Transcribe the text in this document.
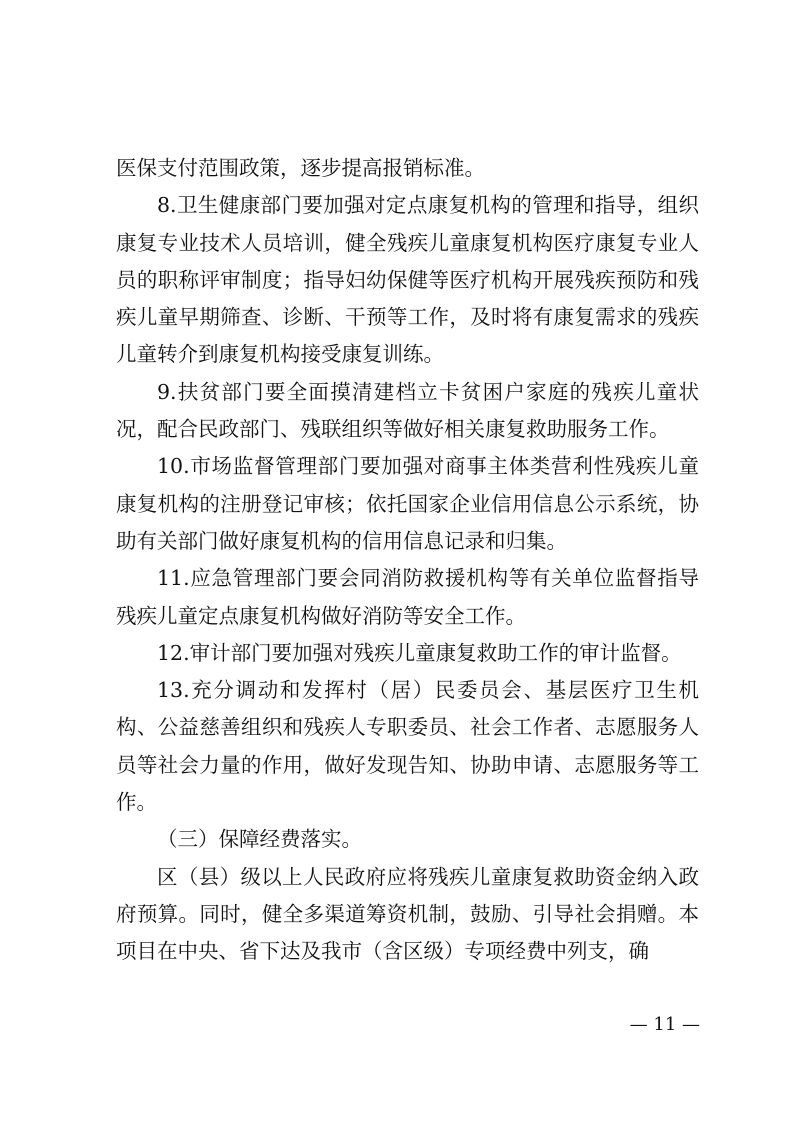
医保支付范围政策，逐步提高报销标准。

8.卫生健康部门要加强对定点康复机构的管理和指导，组织康复专业技术人员培训，健全残疾儿童康复机构医疗康复专业人员的职称评审制度；指导妇幼保健等医疗机构开展残疾预防和残疾儿童早期筛查、诊断、干预等工作，及时将有康复需求的残疾儿童转介到康复机构接受康复训练。

9.扶贫部门要全面摸清建档立卡贫困户家庭的残疾儿童状况，配合民政部门、残联组织等做好相关康复救助服务工作。

10.市场监督管理部门要加强对商事主体类营利性残疾儿童康复机构的注册登记审核；依托国家企业信用信息公示系统，协助有关部门做好康复机构的信用信息记录和归集。

11.应急管理部门要会同消防救援机构等有关单位监督指导残疾儿童定点康复机构做好消防等安全工作。

12.审计部门要加强对残疾儿童康复救助工作的审计监督。

13.充分调动和发挥村（居）民委员会、基层医疗卫生机构、公益慈善组织和残疾人专职委员、社会工作者、志愿服务人员等社会力量的作用，做好发现告知、协助申请、志愿服务等工作。

（三）保障经费落实。

区（县）级以上人民政府应将残疾儿童康复救助资金纳入政府预算。同时，健全多渠道筹资机制，鼓励、引导社会捐赠。本项目在中央、省下达及我市（含区级）专项经费中列支，确

— 11 —
